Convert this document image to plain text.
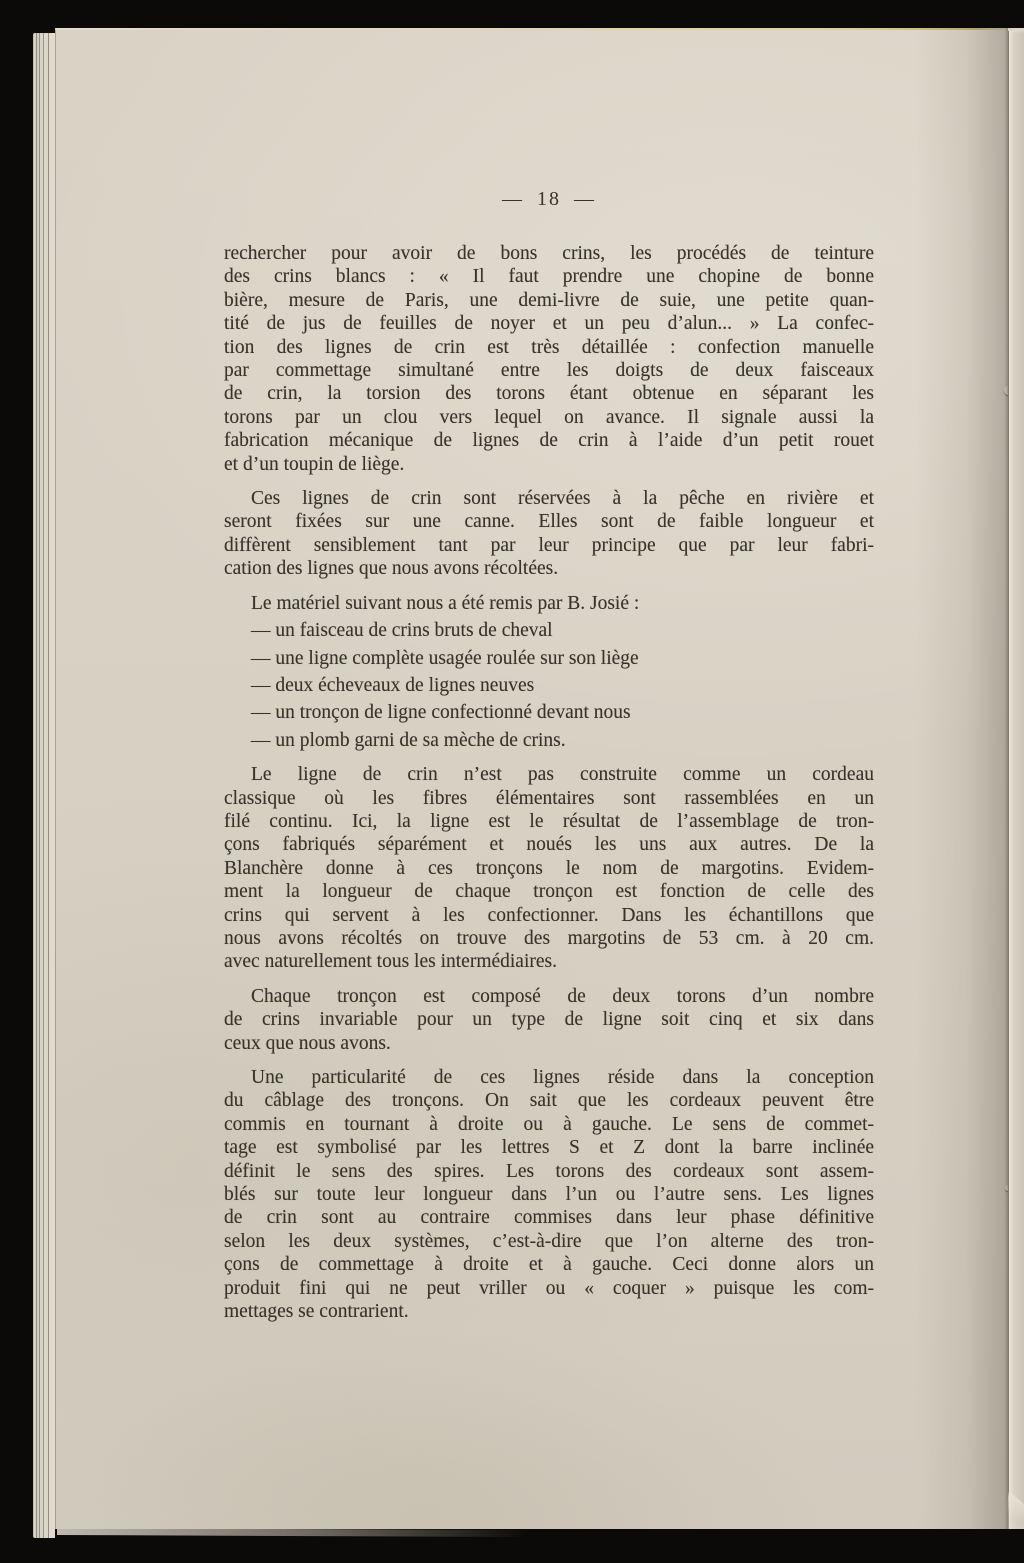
— 18 —
rechercher pour avoir de bons crins, les procédés de teinture
des crins blancs : « Il faut prendre une chopine de bonne
bière, mesure de Paris, une demi-livre de suie, une petite quan-
tité de jus de feuilles de noyer et un peu d’alun... » La confec-
tion des lignes de crin est très détaillée : confection manuelle
par commettage simultané entre les doigts de deux faisceaux
de crin, la torsion des torons étant obtenue en séparant les
torons par un clou vers lequel on avance. Il signale aussi la
fabrication mécanique de lignes de crin à l’aide d’un petit rouet
et d’un toupin de liège.
Ces lignes de crin sont réservées à la pêche en rivière et
seront fixées sur une canne. Elles sont de faible longueur et
diffèrent sensiblement tant par leur principe que par leur fabri-
cation des lignes que nous avons récoltées.
Le matériel suivant nous a été remis par B. Josié :
— un faisceau de crins bruts de cheval
— une ligne complète usagée roulée sur son liège
— deux écheveaux de lignes neuves
— un tronçon de ligne confectionné devant nous
— un plomb garni de sa mèche de crins.
Le ligne de crin n’est pas construite comme un cordeau
classique où les fibres élémentaires sont rassemblées en un
filé continu. Ici, la ligne est le résultat de l’assemblage de tron-
çons fabriqués séparément et noués les uns aux autres. De la
Blanchère donne à ces tronçons le nom de margotins. Evidem-
ment la longueur de chaque tronçon est fonction de celle des
crins qui servent à les confectionner. Dans les échantillons que
nous avons récoltés on trouve des margotins de 53 cm. à 20 cm.
avec naturellement tous les intermédiaires.
Chaque tronçon est composé de deux torons d’un nombre
de crins invariable pour un type de ligne soit cinq et six dans
ceux que nous avons.
Une particularité de ces lignes réside dans la conception
du câblage des tronçons. On sait que les cordeaux peuvent être
commis en tournant à droite ou à gauche. Le sens de commet-
tage est symbolisé par les lettres S et Z dont la barre inclinée
définit le sens des spires. Les torons des cordeaux sont assem-
blés sur toute leur longueur dans l’un ou l’autre sens. Les lignes
de crin sont au contraire commises dans leur phase définitive
selon les deux systèmes, c’est-à-dire que l’on alterne des tron-
çons de commettage à droite et à gauche. Ceci donne alors un
produit fini qui ne peut vriller ou « coquer » puisque les com-
mettages se contrarient.
